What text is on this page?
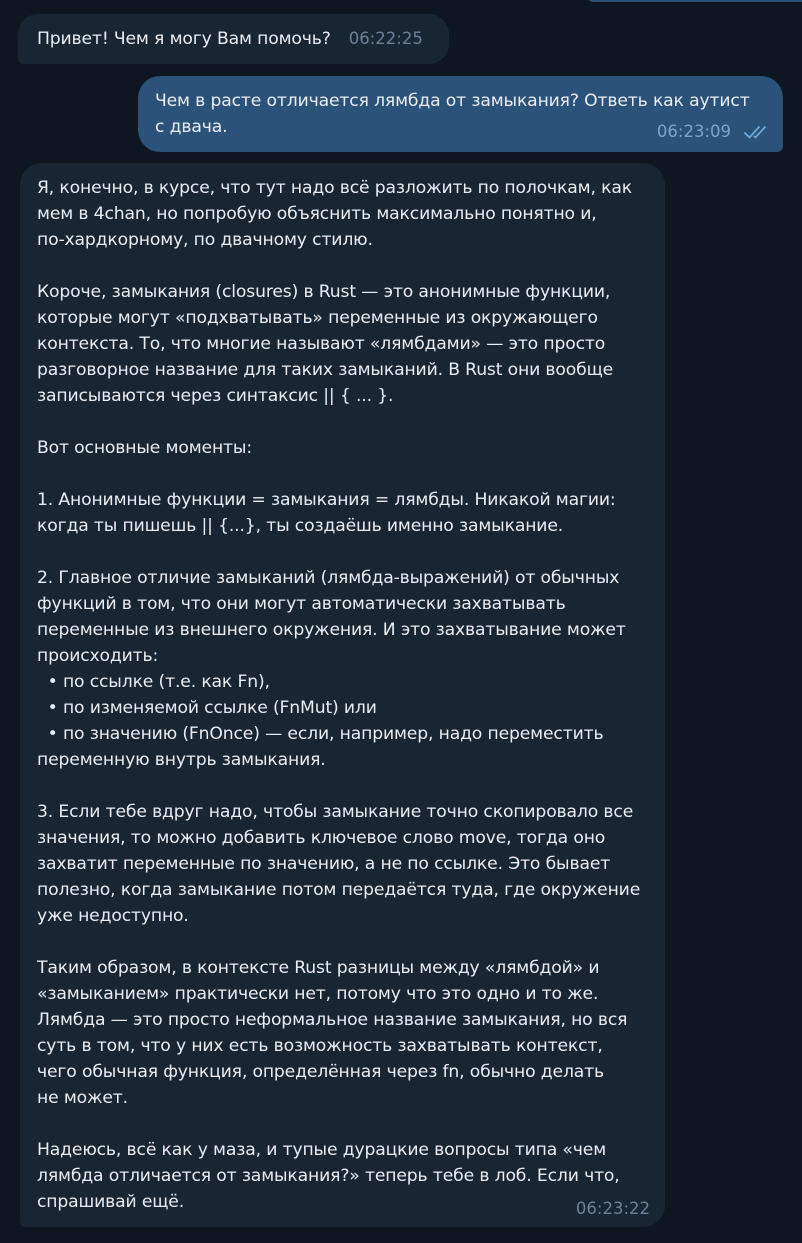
Привет! Чем я могу Вам помочь? 06:22:25
Чем в расте отличается лямбда от замыкания? Ответь как аутист
с двача.	06:23:09
Я, конечно, в курсе, что тут надо всё разложить по полочкам, как
мем в 4chan, но попробую объяснить максимально понятно и,
по-хардкорному, по двачному стилю.

Короче, замыкания (closures) в Rust — это анонимные функции,
которые могут «подхватывать» переменные из окружающего
контекста. То, что многие называют «лямбдами» — это просто
разговорное название для таких замыканий. В Rust они вообще
записываются через синтаксис || { ... }.

Вот основные моменты:

1. Анонимные функции = замыкания = лямбды. Никакой магии:
когда ты пишешь || {...}, ты создаёшь именно замыкание.

2. Главное отличие замыканий (лямбда-выражений) от обычных
функций в том, что они могут автоматически захватывать
переменные из внешнего окружения. И это захватывание может
происходить:
• по ссылке (т.е. как Fn),
• по изменяемой ссылке (FnMut) или
• по значению (FnOnce) — если, например, надо переместить
переменную внутрь замыкания.

3. Если тебе вдруг надо, чтобы замыкание точно скопировало все
значения, то можно добавить ключевое слово move, тогда оно
захватит переменные по значению, а не по ссылке. Это бывает
полезно, когда замыкание потом передаётся туда, где окружение
уже недоступно.

Таким образом, в контексте Rust разницы между «лямбдой» и
«замыканием» практически нет, потому что это одно и то же.
Лямбда — это просто неформальное название замыкания, но вся
суть в том, что у них есть возможность захватывать контекст,
чего обычная функция, определённая через fn, обычно делать
не может.

Надеюсь, всё как у маза, и тупые дурацкие вопросы типа «чем
лямбда отличается от замыкания?» теперь тебе в лоб. Если что,
спрашивай ещё.	06:23:22
